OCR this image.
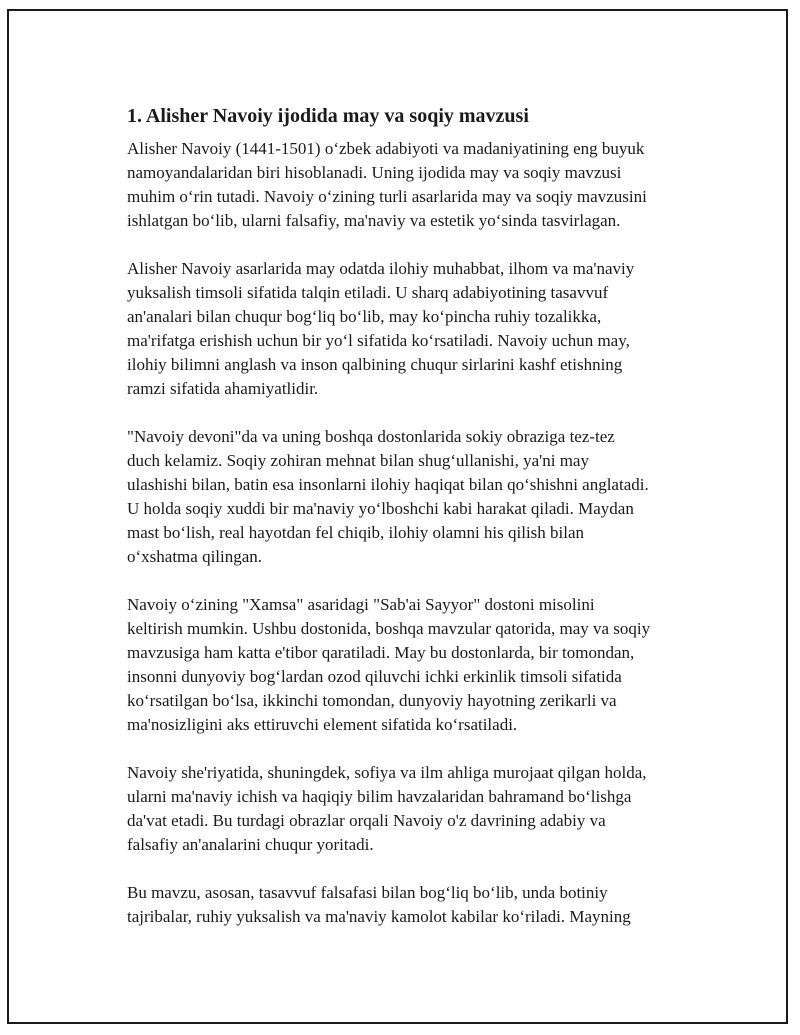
1. Alisher Navoiy ijodida may va soqiy mavzusi

Alisher Navoiy (1441-1501) oʻzbek adabiyoti va madaniyatining eng buyuk
namoyandalaridan biri hisoblanadi. Uning ijodida may va soqiy mavzusi
muhim oʻrin tutadi. Navoiy oʻzining turli asarlarida may va soqiy mavzusini
ishlatgan boʻlib, ularni falsafiy, ma'naviy va estetik yoʻsinda tasvirlagan.

Alisher Navoiy asarlarida may odatda ilohiy muhabbat, ilhom va ma'naviy
yuksalish timsoli sifatida talqin etiladi. U sharq adabiyotining tasavvuf
an'analari bilan chuqur bogʻliq boʻlib, may koʻpincha ruhiy tozalikka,
ma'rifatga erishish uchun bir yoʻl sifatida koʻrsatiladi. Navoiy uchun may,
ilohiy bilimni anglash va inson qalbining chuqur sirlarini kashf etishning
ramzi sifatida ahamiyatlidir.

"Navoiy devoni"da va uning boshqa dostonlarida sokiy obraziga tez-tez
duch kelamiz. Soqiy zohiran mehnat bilan shugʻullanishi, ya'ni may
ulashishi bilan, batin esa insonlarni ilohiy haqiqat bilan qoʻshishni anglatadi.
U holda soqiy xuddi bir ma'naviy yoʻlboshchi kabi harakat qiladi. Maydan
mast boʻlish, real hayotdan fel chiqib, ilohiy olamni his qilish bilan
oʻxshatma qilingan.

Navoiy oʻzining "Xamsa" asaridagi "Sab'ai Sayyor" dostoni misolini
keltirish mumkin. Ushbu dostonida, boshqa mavzular qatorida, may va soqiy
mavzusiga ham katta e'tibor qaratiladi. May bu dostonlarda, bir tomondan,
insonni dunyoviy bogʻlardan ozod qiluvchi ichki erkinlik timsoli sifatida
koʻrsatilgan boʻlsa, ikkinchi tomondan, dunyoviy hayotning zerikarli va
ma'nosizligini aks ettiruvchi element sifatida koʻrsatiladi.

Navoiy she'riyatida, shuningdek, sofiya va ilm ahliga murojaat qilgan holda,
ularni ma'naviy ichish va haqiqiy bilim havzalaridan bahramand boʻlishga
da'vat etadi. Bu turdagi obrazlar orqali Navoiy o'z davrining adabiy va
falsafiy an'analarini chuqur yoritadi.

Bu mavzu, asosan, tasavvuf falsafasi bilan bogʻliq boʻlib, unda botiniy
tajribalar, ruhiy yuksalish va ma'naviy kamolot kabilar koʻriladi. Mayning
